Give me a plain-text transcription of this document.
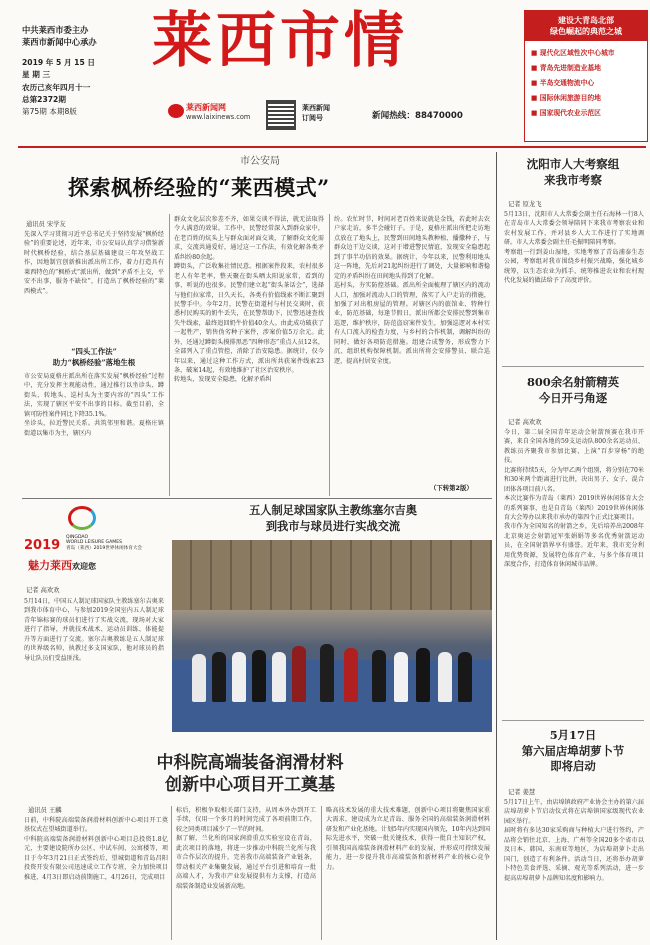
中共莱西市委主办
莱西市新闻中心承办
2019 年 5 月 15 日
星 期 三
农历己亥年四月十一
总第2372期
第75期 本期8版
莱西市情
莱西新闻网
www.laixinews.com
莱西新闻
订阅号	新闻热线：88470000
建设大青岛北部
绿色崛起的典范之城
■ 现代化区域性次中心城市
■ 青岛先进制造业基地
■ 半岛交通物流中心
■ 国际休闲旅游目的地
■ 国家现代农业示范区
市公安局
探索枫桥经验的“莱西模式”
通讯员 宋学友
先深入学习贯彻习近平总书记关于坚持发展“枫桥经验”的重要论述，近年来，市公安局认真学习借鉴新时代枫桥经验，结合基层基础建设三年攻坚战工作，因地制宜创新推出派出所工作，着力打造具有莱西特色的“枫桥式”派出所，做到“矛盾不上交，平安不出事，服务不缺位”，打造出了枫桥经验的“莱西模式”。
“四头工作法”
助力“枫桥经验”落地生根
市公安局夏格庄派出所在落实发展“枫桥经验”过程中，充分发挥主观能动性，通过推行以坐诊头、蹲街头、转地头、巡村头为主要内容的“四头”工作法，实现了辖区平安不出事的目标。截至目前，全镇可防性案件同比下降35.1%。
坐诊头，拉近警民关系。共筑邻里和谐。夏格庄镇街道以集市为主，辖区内
群众文化层次参差不齐，如果交谈不得法，就无法取得令人满意的效果。工作中，民警经常深入到群众家中，在老百姓的炕头上与群众面对面交谈，了解群众文化需求，交流共通爱好，通过这一工作法，有效化解各类矛盾纠纷80余起。
蹲街头，广泛收集社情民意。根据案件段来，农村很多老人有年老率，整天聚在街头晒太阳说家常，看到的事、听说的也很多。民警们建立起“街头茶话会”，选择与他们拉家常，日久天长，各类有价值线索不断汇聚到民警手中。今年2月，民警在街道村与村民交谈时，获悉村民购买的奶牛丢失，在民警帮助下，民警迅速查找失牛线索，最终追回奶牛价值40余人。由此成功破获了一起牲产，销售伪劣种子案件，涉案价值5万余元。此外，还通过蹲街头摸排黑恶“四种形态”重点人员12名，全部列入了重点管控，消除了治安隐患。据统计，仅今年以来，通过这种工作方式，派出所共获案件线索23条，破案14起，有效地维护了社区治安秩序。
转地头，发现安全隐患，化解矛盾纠
纷。农忙时节，时间对老百姓来说就是金钱，若此时去农户家走访，多半会碰钉子。于是，夏格庄派出所把走访地点放在了地头上，民警到田间地头教种植、播撒种子，与群众边干边交谈，这对于增进警民情谊，发现安全隐患起到了事半功倍的效果。据统计，今年以来，民警利用地头这一阵地，先后对21起纠纷进行了调处，大量影响和谐稳定的矛盾纠纷在田间地头得到了化解。
巡村头，夯实防控基础。派出所全面梳理了辖区内的流动人口，加强对流动人口的管理，落实了入户走访的措施，加强了对出租房屋的管理。对辖区内的旅馆业、特种行业，防范基础，每逢节假日，派出所都会安排民警到集市巡逻，维护秩序，防范盗窃案件发生，加强巡逻对本村实有人口流入的检查力度，与乡村的合作机制，调解纠纷的同时，做好各项防范措施。组建合成警务，形成警力下沉、组织机构保障机制。派出所将会安排警员、联合巡逻，提高村居安全度。
（下转第2版）
沈阳市人大考察组
来我市考察
记者 原龙飞
5月13日，沈阳市人大常委会副主任石海林一行8人在青岛市人大常委会领导陪同下来我市考察农业和农村发展工作，并对县乡人大工作进行了实地调研。市人大常委会副主任毛振明陪同考察。
考察组一行到姜山湿地，实地考察了青岛浦泰生态公园，考察组对我市围绕乡村振兴战略，强化城乡统筹，以生态农业为抓手，统筹推进农业和农村现代化发展的做法给予了高度评价。
800余名射箭精英
今日开弓角逐
记者 高欢欢
今日，第二届全国青年运动会射箭预赛在我市开赛，来自全国各地的59支运动队800余名运动员、教练员齐聚我市参加比赛，上演“百步穿杨”的绝技。
比赛将持续5天，分为甲乙两个组别，将分别在70米和30米两个距离进行比拼，决出男子、女子、混合团体各项目前八名。
本次比赛作为青岛（莱西）2019世界休闲体育大会的系列赛事，也是自青岛（莱西）2019世界休闲体育大会筹办以来我市承办的第四个正式比赛项目。
我市作为全国知名的射箭之乡，先后培养出2008年北京奥运会射箭冠军张娟娟等多名优秀射箭运动员，在全国射箭界享有盛誉。近年来，我市充分利用优势资源，发展特色体育产业，与多个体育项目深度合作，打造体育休闲城市品牌。
5月17日
第六届店埠胡萝卜节
即将启动
记者 姜慧
5月17日上午，由店埠镇政府产业协会主办的第六届店埠胡萝卜节启动仪式将在店埠镇国家级现代农业园区举行。
届时将有多达30家采购商与种植大户进行签约，产品将会销往北京、上海、广州等全国20多个省市以及日本、韩国、东南亚等地区，为店埠胡萝卜走出国门，创造了有利条件。活动当日，还将举办胡萝卜特色美食评选、采摘、观光等系列活动，进一步提高店埠胡萝卜品牌知名度和影响力。
2019
QINGDAO
WORLD LEISURE GAMES
青岛（莱西）2019世界休闲体育大会
魅力莱西欢迎您
五人制足球国家队主教练塞尔吉奥
到我市与球员进行实战交流
记者 高欢欢
5月14日，中国五人制足球国家队主教练塞尔吉奥来到我市体育中心，与参加2019全国室内五人制足球青年锦标赛的球员们进行了实战交流，现场对大家进行了指导，并就技术战术、运动员训练、体能提升等方面进行了交流。塞尔吉奥教练是五人制足球的世界级名帅，执教过多支国家队，他对球员的指导让队员们受益匪浅。
中科院高端装备润滑材料
创新中心项目开工奠基
通讯员 王麟
日前，中科院高端装备润滑材料创新中心项目开工奠基仪式在望城街道举行。
中科院高端装备润滑材料创新中心项目总投资1.8亿元，主要建设院所办公区、中试车间、公寓楼等，项目于今年3月21日正式签约后，望城街道和青岛昌阳投资开发有限公司迅速成立工作专班，全力加快项目推进，4月3日即启动前期施工，4月26日，完成项目
标后，积极争取相关部门支持，从周本外办到开工手续，仅用一个多月的时间完成了各项前期工作，较之同类项目减少了一半的时间。
据了解，兰化所的国家润滑重点实验室设在青岛，此次项目的落地，将进一步推动中科院兰化所与我市合作层次的提升，完善我市高端装备产业链条，带动相关产业集聚发展，通过平台引进和培育一批高端人才，为我市产业发展提供有力支撑，打造高端装备制造业发展新高地。
略高技术发展的重大技术难题，创新中心项目将聚焦国家重大需求，建设成为立足青岛、服务全国的高端装备润滑材料研发和产业化基地。计划5年内实现国内领先，10年内达到国际先进水平，突破一批关键技术，获得一批自主知识产权，引领我国高端装备润滑材料产业的发展，并形成可持续发展能力，进一步提升我市高端装备和新材料产业的核心竞争力。
